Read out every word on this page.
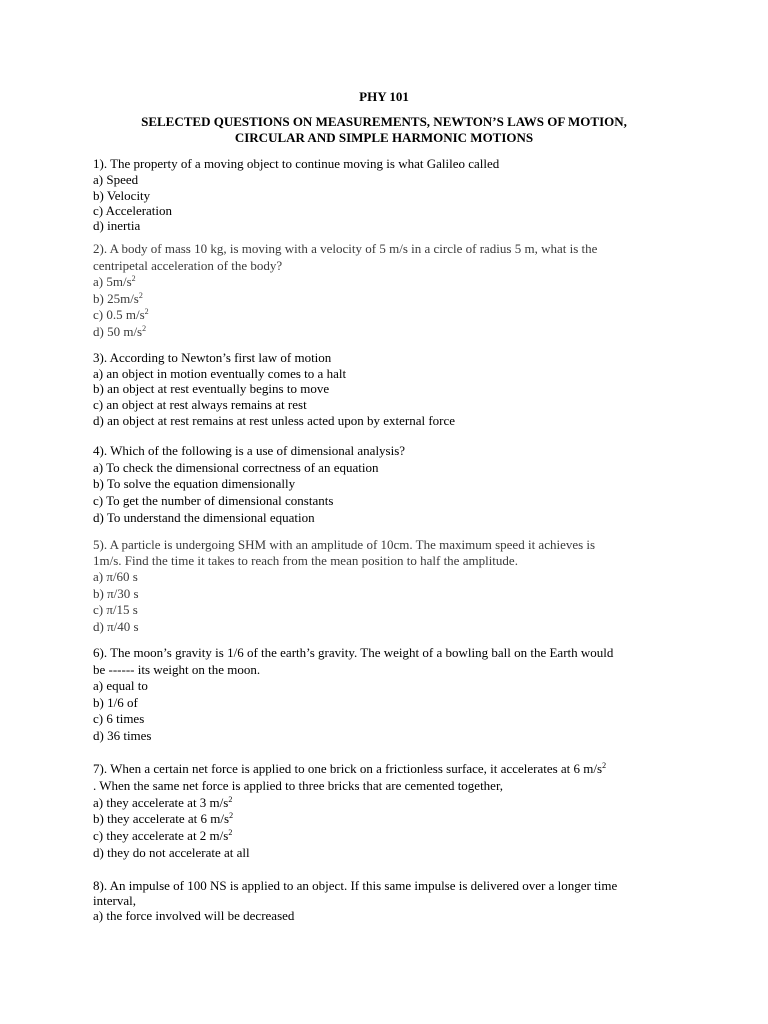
PHY 101
SELECTED QUESTIONS ON MEASUREMENTS, NEWTON’S LAWS OF MOTION,
CIRCULAR AND SIMPLE HARMONIC MOTIONS
1). The property of a moving object to continue moving is what Galileo called
a) Speed
b) Velocity
c) Acceleration
d) inertia
2). A body of mass 10 kg, is moving with a velocity of 5 m/s in a circle of radius 5 m, what is the
centripetal acceleration of the body?
a) $5m/s^2$
b) $25m/s^2$
c) 0.5 $m/s^2$
d) 50 $m/s^2$
3). According to Newton’s first law of motion
a) an object in motion eventually comes to a halt
b) an object at rest eventually begins to move
c) an object at rest always remains at rest
d) an object at rest remains at rest unless acted upon by external force
4). Which of the following is a use of dimensional analysis?
a) To check the dimensional correctness of an equation
b) To solve the equation dimensionally
c) To get the number of dimensional constants
d) To understand the dimensional equation
5). A particle is undergoing SHM with an amplitude of 10cm. The maximum speed it achieves is
1m/s. Find the time it takes to reach from the mean position to half the amplitude.
a) π/60 s
b) π/30 s
c) π/15 s
d) π/40 s
6). The moon’s gravity is 1/6 of the earth’s gravity. The weight of a bowling ball on the Earth would
be ------ its weight on the moon.
a) equal to
b) 1/6 of
c) 6 times
d) 36 times
7). When a certain net force is applied to one brick on a frictionless surface, it accelerates at 6 $m/s^2$
. When the same net force is applied to three bricks that are cemented together,
a) they accelerate at 3 $m/s^2$
b) they accelerate at 6 $m/s^2$
c) they accelerate at 2 $m/s^2$
d) they do not accelerate at all
8). An impulse of 100 NS is applied to an object. If this same impulse is delivered over a longer time
interval,
a) the force involved will be decreased
